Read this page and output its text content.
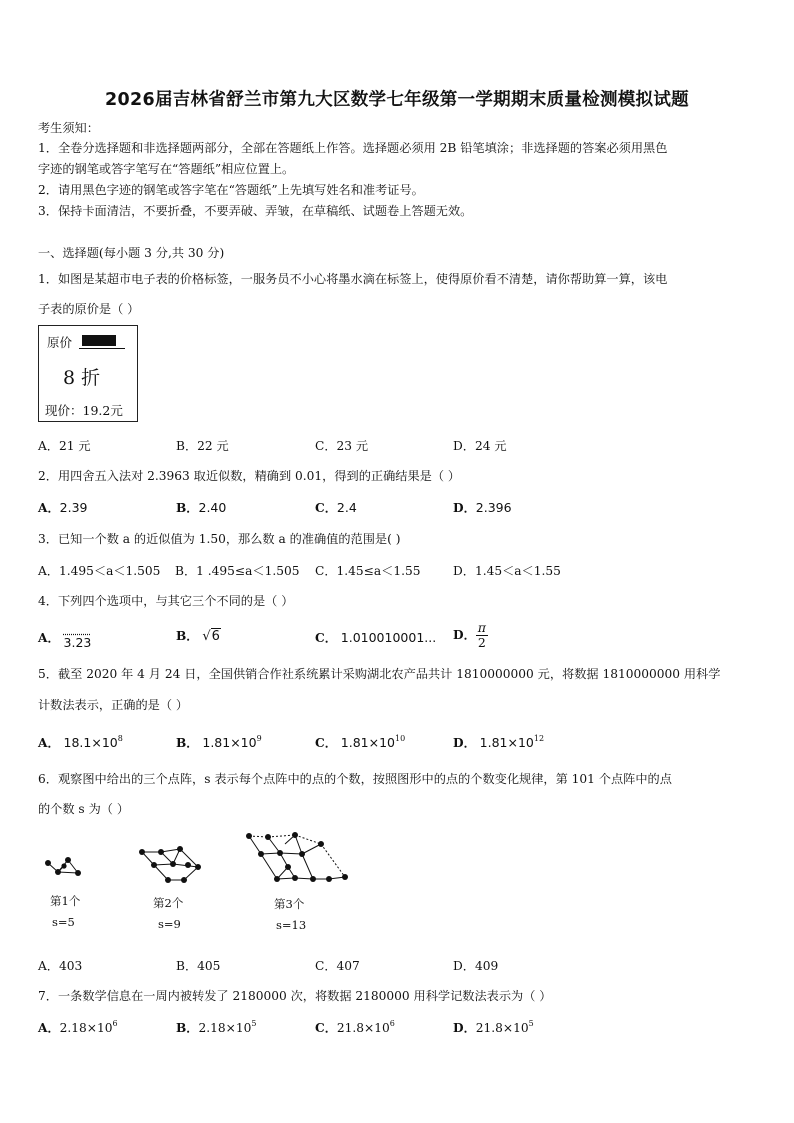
2026届吉林省舒兰市第九大区数学七年级第一学期期末质量检测模拟试题
考生须知：
1．全卷分选择题和非选择题两部分，全部在答题纸上作答。选择题必须用 2B 铅笔填涂；非选择题的答案必须用黑色
字迹的钢笔或答字笔写在“答题纸”相应位置上。
2．请用黑色字迹的钢笔或答字笔在“答题纸”上先填写姓名和准考证号。
3．保持卡面清洁，不要折叠，不要弄破、弄皱，在草稿纸、试题卷上答题无效。
一、选择题(每小题 3 分,共 30 分)
1．如图是某超市电子表的价格标签，一服务员不小心将墨水滴在标签上，使得原价看不清楚，请你帮助算一算，该电
子表的原价是（ ）
原价
8 折
现价：19.2元
A．21 元	B．22 元	C．23 元	D．24 元
2．用四舍五入法对 2.3963 取近似数，精确到 0.01，得到的正确结果是（ ）
A．2.39	B．2.40	C．2.4	D．2.396
3．已知一个数 a 的近似值为 1.50，那么数 a 的准确值的范围是( )
A．1.495＜a＜1.505 B．1 .495≤a＜1.505 C．1.45≤a＜1.55	D．1.45＜a＜1.55
4．下列四个选项中，与其它三个不同的是（ ）
A． 3.23	B． √6	C． 1.010010001... D． $\frac{\pi}{2}$
5．截至 2020 年 4 月 24 日，全国供销合作社系统累计采购湖北农产品共计 1810000000 元，将数据 1810000000 用科学
计数法表示，正确的是（ ）
A． $18.1\times 10^8$	B． $1.81\times 10^9$	C． $1.81\times 10^{10}$	D． $1.81\times 10^{12}$
6．观察图中给出的三个点阵，s 表示每个点阵中的点的个数，按照图形中的点的个数变化规律，第 101 个点阵中的点
的个数 s 为（ ）
第1个
s=5
第2个
s=9
第3个
s=13
A．403	B．405	C．407	D．409
7．一条数学信息在一周内被转发了 2180000 次，将数据 2180000 用科学记数法表示为（ ）
A．$2.18\times 10^6$	B．$2.18\times 10^5$	C．$21.8\times 10^6$	D．$21.8\times 10^5$
